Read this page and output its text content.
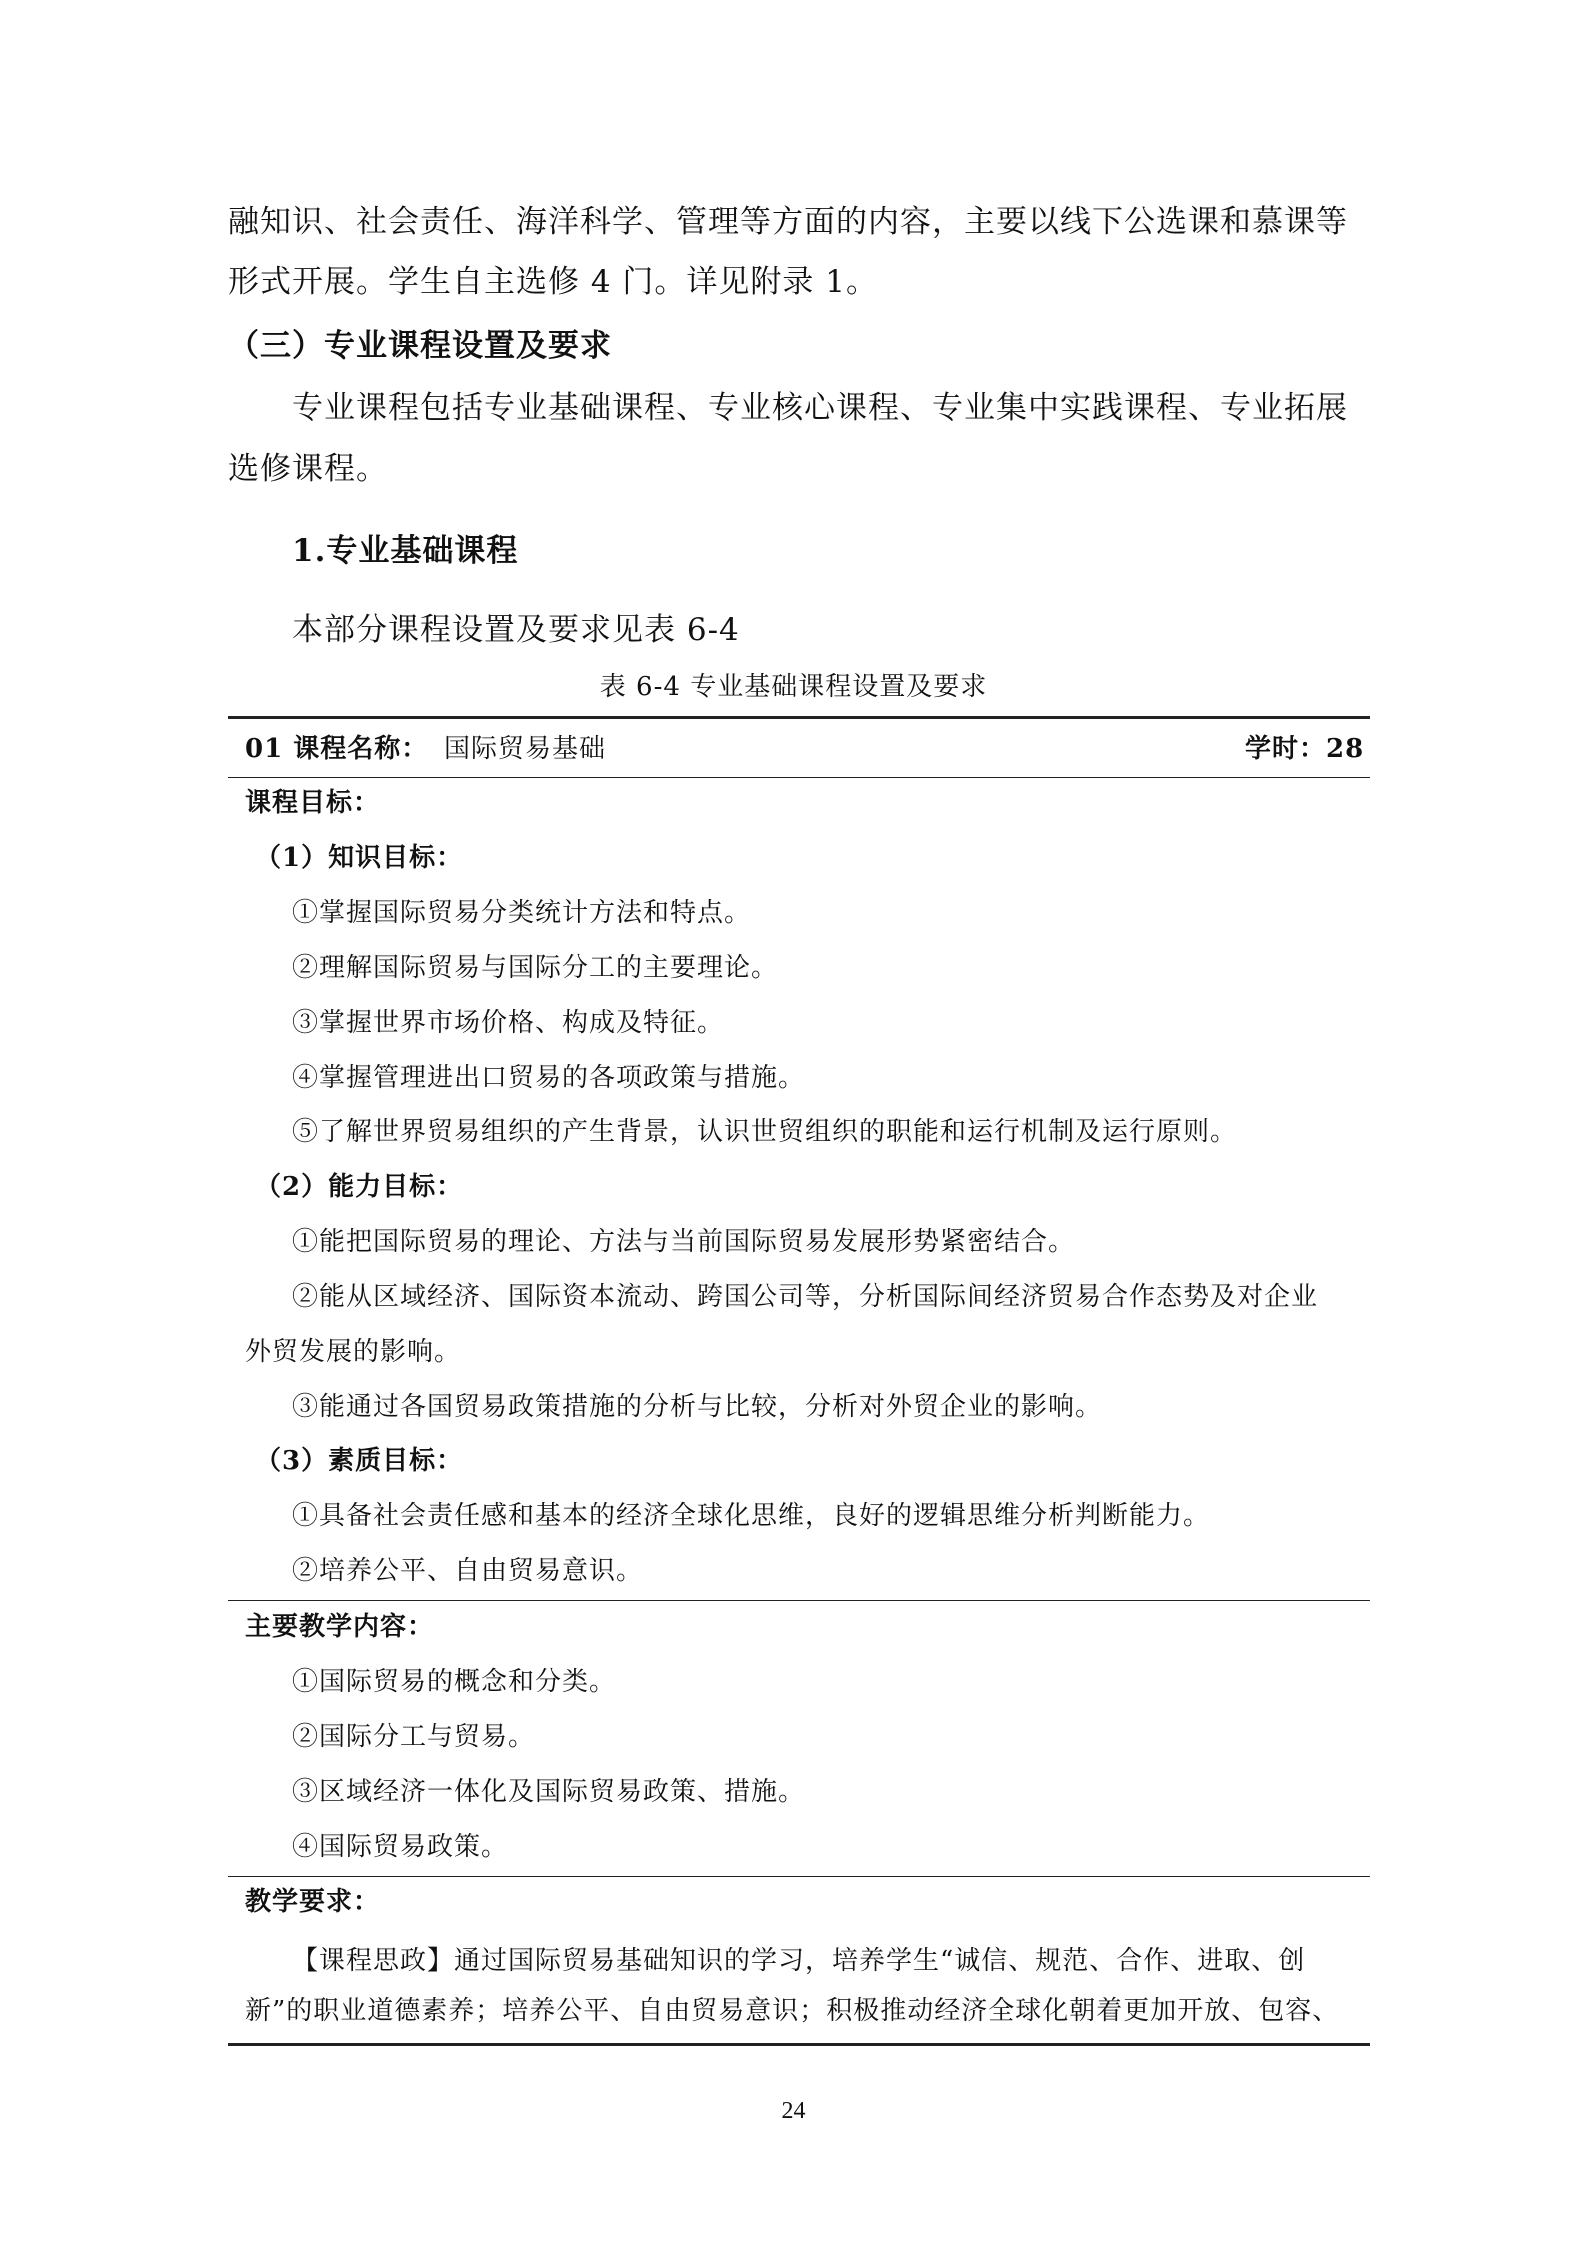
融知识、社会责任、海洋科学、管理等方面的内容，主要以线下公选课和慕课等
形式开展。学生自主选修 4 门。详见附录 1。
（三）专业课程设置及要求
专业课程包括专业基础课程、专业核心课程、专业集中实践课程、专业拓展
选修课程。
1.专业基础课程
本部分课程设置及要求见表 6-4
表 6-4 专业基础课程设置及要求
01 课程名称： 国际贸易基础	学时：28
课程目标：
（1）知识目标：
①掌握国际贸易分类统计方法和特点。
②理解国际贸易与国际分工的主要理论。
③掌握世界市场价格、构成及特征。
④掌握管理进出口贸易的各项政策与措施。
⑤了解世界贸易组织的产生背景，认识世贸组织的职能和运行机制及运行原则。
（2）能力目标：
①能把国际贸易的理论、方法与当前国际贸易发展形势紧密结合。
②能从区域经济、国际资本流动、跨国公司等，分析国际间经济贸易合作态势及对企业
外贸发展的影响。
③能通过各国贸易政策措施的分析与比较，分析对外贸企业的影响。
（3）素质目标：
①具备社会责任感和基本的经济全球化思维，良好的逻辑思维分析判断能力。
②培养公平、自由贸易意识。
主要教学内容：
①国际贸易的概念和分类。
②国际分工与贸易。
③区域经济一体化及国际贸易政策、措施。
④国际贸易政策。
教学要求：
【课程思政】通过国际贸易基础知识的学习，培养学生“诚信、规范、合作、进取、创
新”的职业道德素养；培养公平、自由贸易意识；积极推动经济全球化朝着更加开放、包容、
24
